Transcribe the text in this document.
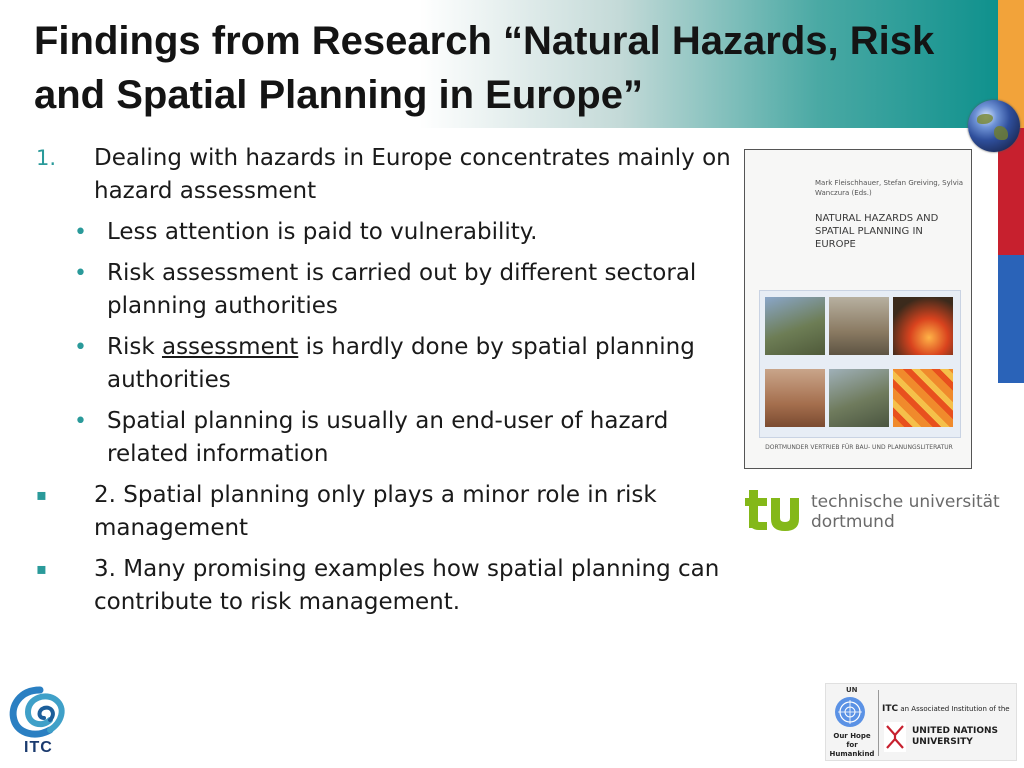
Findings from Research “Natural Hazards, Risk and Spatial Planning in Europe”
1. Dealing with hazards in Europe concentrates mainly on hazard assessment
• Less attention is paid to vulnerability.
• Risk assessment is carried out by different sectoral planning authorities
• Risk assessment is hardly done by spatial planning authorities
• Spatial planning is usually an end-user of hazard related information
▪ 2. Spatial planning only plays a minor role in risk management
▪ 3. Many promising examples how spatial planning can contribute to risk management.
Mark Fleischhauer, Stefan Greiving, Sylvia Wanczura (Eds.)
NATURAL HAZARDS AND SPATIAL PLANNING IN EUROPE
DORTMUNDER VERTRIEB FÜR BAU- UND PLANUNGSLITERATUR
technische universität
dortmund
ITC
UN
Our Hope for Humankind
ITC an Associated Institution of the
UNITED NATIONS
UNIVERSITY
